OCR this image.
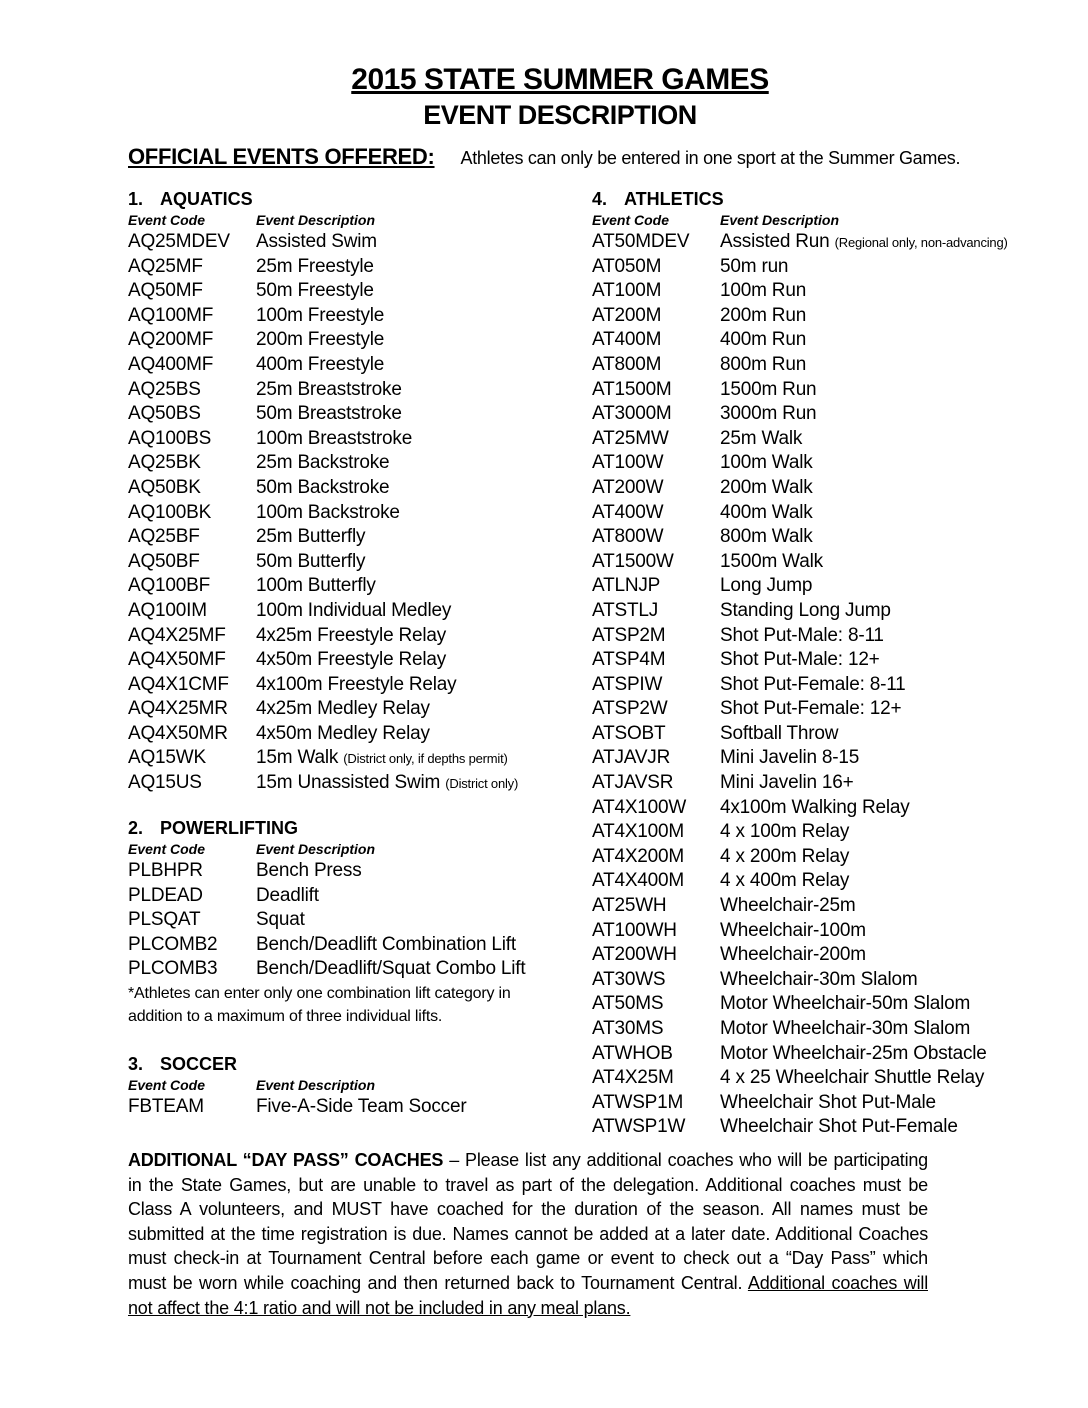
2015 STATE SUMMER GAMES
EVENT DESCRIPTION
OFFICIAL EVENTS OFFERED: Athletes can only be entered in one sport at the Summer Games.
1. AQUATICS
Event Code	Event Description
AQ25MDEV Assisted Swim
AQ25MF	25m Freestyle
AQ50MF	50m Freestyle
AQ100MF 100m Freestyle
AQ200MF 200m Freestyle
AQ400MF 400m Freestyle
AQ25BS	25m Breaststroke
AQ50BS	50m Breaststroke
AQ100BS 100m Breaststroke
AQ25BK	25m Backstroke
AQ50BK	50m Backstroke
AQ100BK 100m Backstroke
AQ25BF	25m Butterfly
AQ50BF	50m Butterfly
AQ100BF 100m Butterfly
AQ100IM	100m Individual Medley
AQ4X25MF 4x25m Freestyle Relay
AQ4X50MF 4x50m Freestyle Relay
AQ4X1CMF 4x100m Freestyle Relay
AQ4X25MR 4x25m Medley Relay
AQ4X50MR 4x50m Medley Relay
AQ15WK	15m Walk (District only, if depths permit)
AQ15US	15m Unassisted Swim (District only)
2. POWERLIFTING
Event Code	Event Description
PLBHPR	Bench Press
PLDEAD	Deadlift
PLSQAT	Squat
PLCOMB2 Bench/Deadlift Combination Lift
PLCOMB3 Bench/Deadlift/Squat Combo Lift
*Athletes can enter only one combination lift category in addition to a maximum of three individual lifts.
3. SOCCER
Event Code	Event Description
FBTEAM	Five-A-Side Team Soccer
4. ATHLETICS
Event Code	Event Description
AT50MDEV Assisted Run (Regional only, non-advancing)
AT050M	50m run
AT100M	100m Run
AT200M	200m Run
AT400M	400m Run
AT800M	800m Run
AT1500M	1500m Run
AT3000M	3000m Run
AT25MW	25m Walk
AT100W	100m Walk
AT200W	200m Walk
AT400W	400m Walk
AT800W	800m Walk
AT1500W 1500m Walk
ATLNJP	Long Jump
ATSTLJ	Standing Long Jump
ATSP2M	Shot Put-Male: 8-11
ATSP4M	Shot Put-Male: 12+
ATSPIW	Shot Put-Female: 8-11
ATSP2W	Shot Put-Female: 12+
ATSOBT	Softball Throw
ATJAVJR	Mini Javelin 8-15
ATJAVSR Mini Javelin 16+
AT4X100W 4x100m Walking Relay
AT4X100M 4 x 100m Relay
AT4X200M 4 x 200m Relay
AT4X400M 4 x 400m Relay
AT25WH	Wheelchair-25m
AT100WH Wheelchair-100m
AT200WH Wheelchair-200m
AT30WS	Wheelchair-30m Slalom
AT50MS	Motor Wheelchair-50m Slalom
AT30MS	Motor Wheelchair-30m Slalom
ATWHOB Motor Wheelchair-25m Obstacle
AT4X25M 4 x 25 Wheelchair Shuttle Relay
ATWSP1M Wheelchair Shot Put-Male
ATWSP1W Wheelchair Shot Put-Female
ADDITIONAL “DAY PASS” COACHES – Please list any additional coaches who will be participating in the State Games, but are unable to travel as part of the delegation. Additional coaches must be Class A volunteers, and MUST have coached for the duration of the season. All names must be submitted at the time registration is due. Names cannot be added at a later date. Additional Coaches must check-in at Tournament Central before each game or event to check out a “Day Pass” which must be worn while coaching and then returned back to Tournament Central. Additional coaches will not affect the 4:1 ratio and will not be included in any meal plans.
